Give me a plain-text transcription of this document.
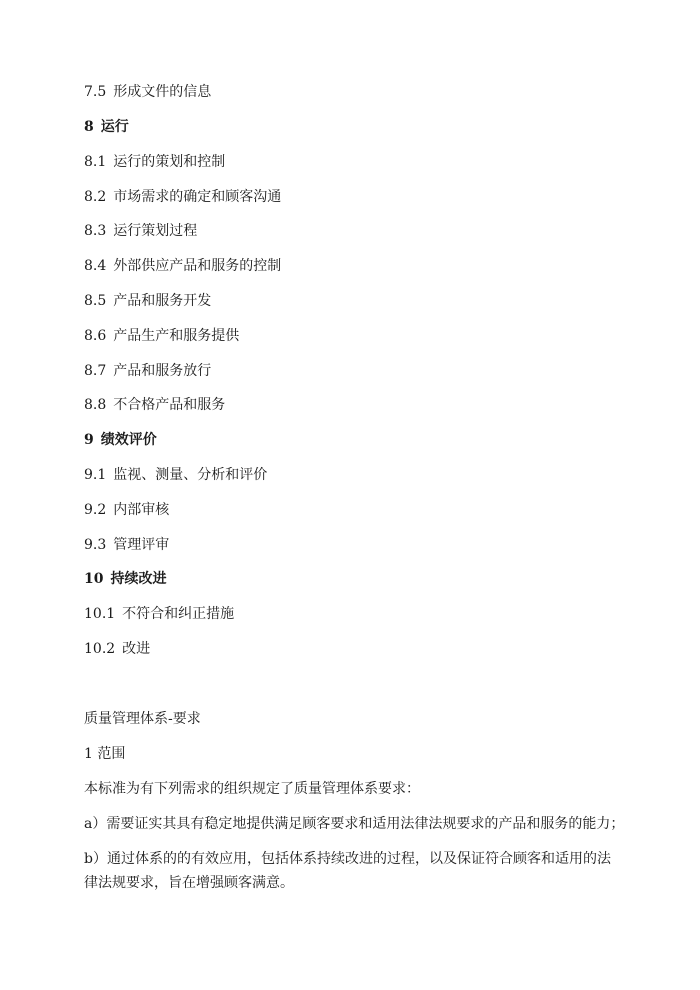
7.5 形成文件的信息
8 运行
8.1 运行的策划和控制
8.2 市场需求的确定和顾客沟通
8.3 运行策划过程
8.4 外部供应产品和服务的控制
8.5 产品和服务开发
8.6 产品生产和服务提供
8.7 产品和服务放行
8.8 不合格产品和服务
9 绩效评价
9.1 监视、测量、分析和评价
9.2 内部审核
9.3 管理评审
10 持续改进
10.1 不符合和纠正措施
10.2 改进
质量管理体系-要求
1 范围
本标准为有下列需求的组织规定了质量管理体系要求：
a）需要证实其具有稳定地提供满足顾客要求和适用法律法规要求的产品和服务的能力；
b）通过体系的的有效应用，包括体系持续改进的过程，以及保证符合顾客和适用的法律法规要求，旨在增强顾客满意。
